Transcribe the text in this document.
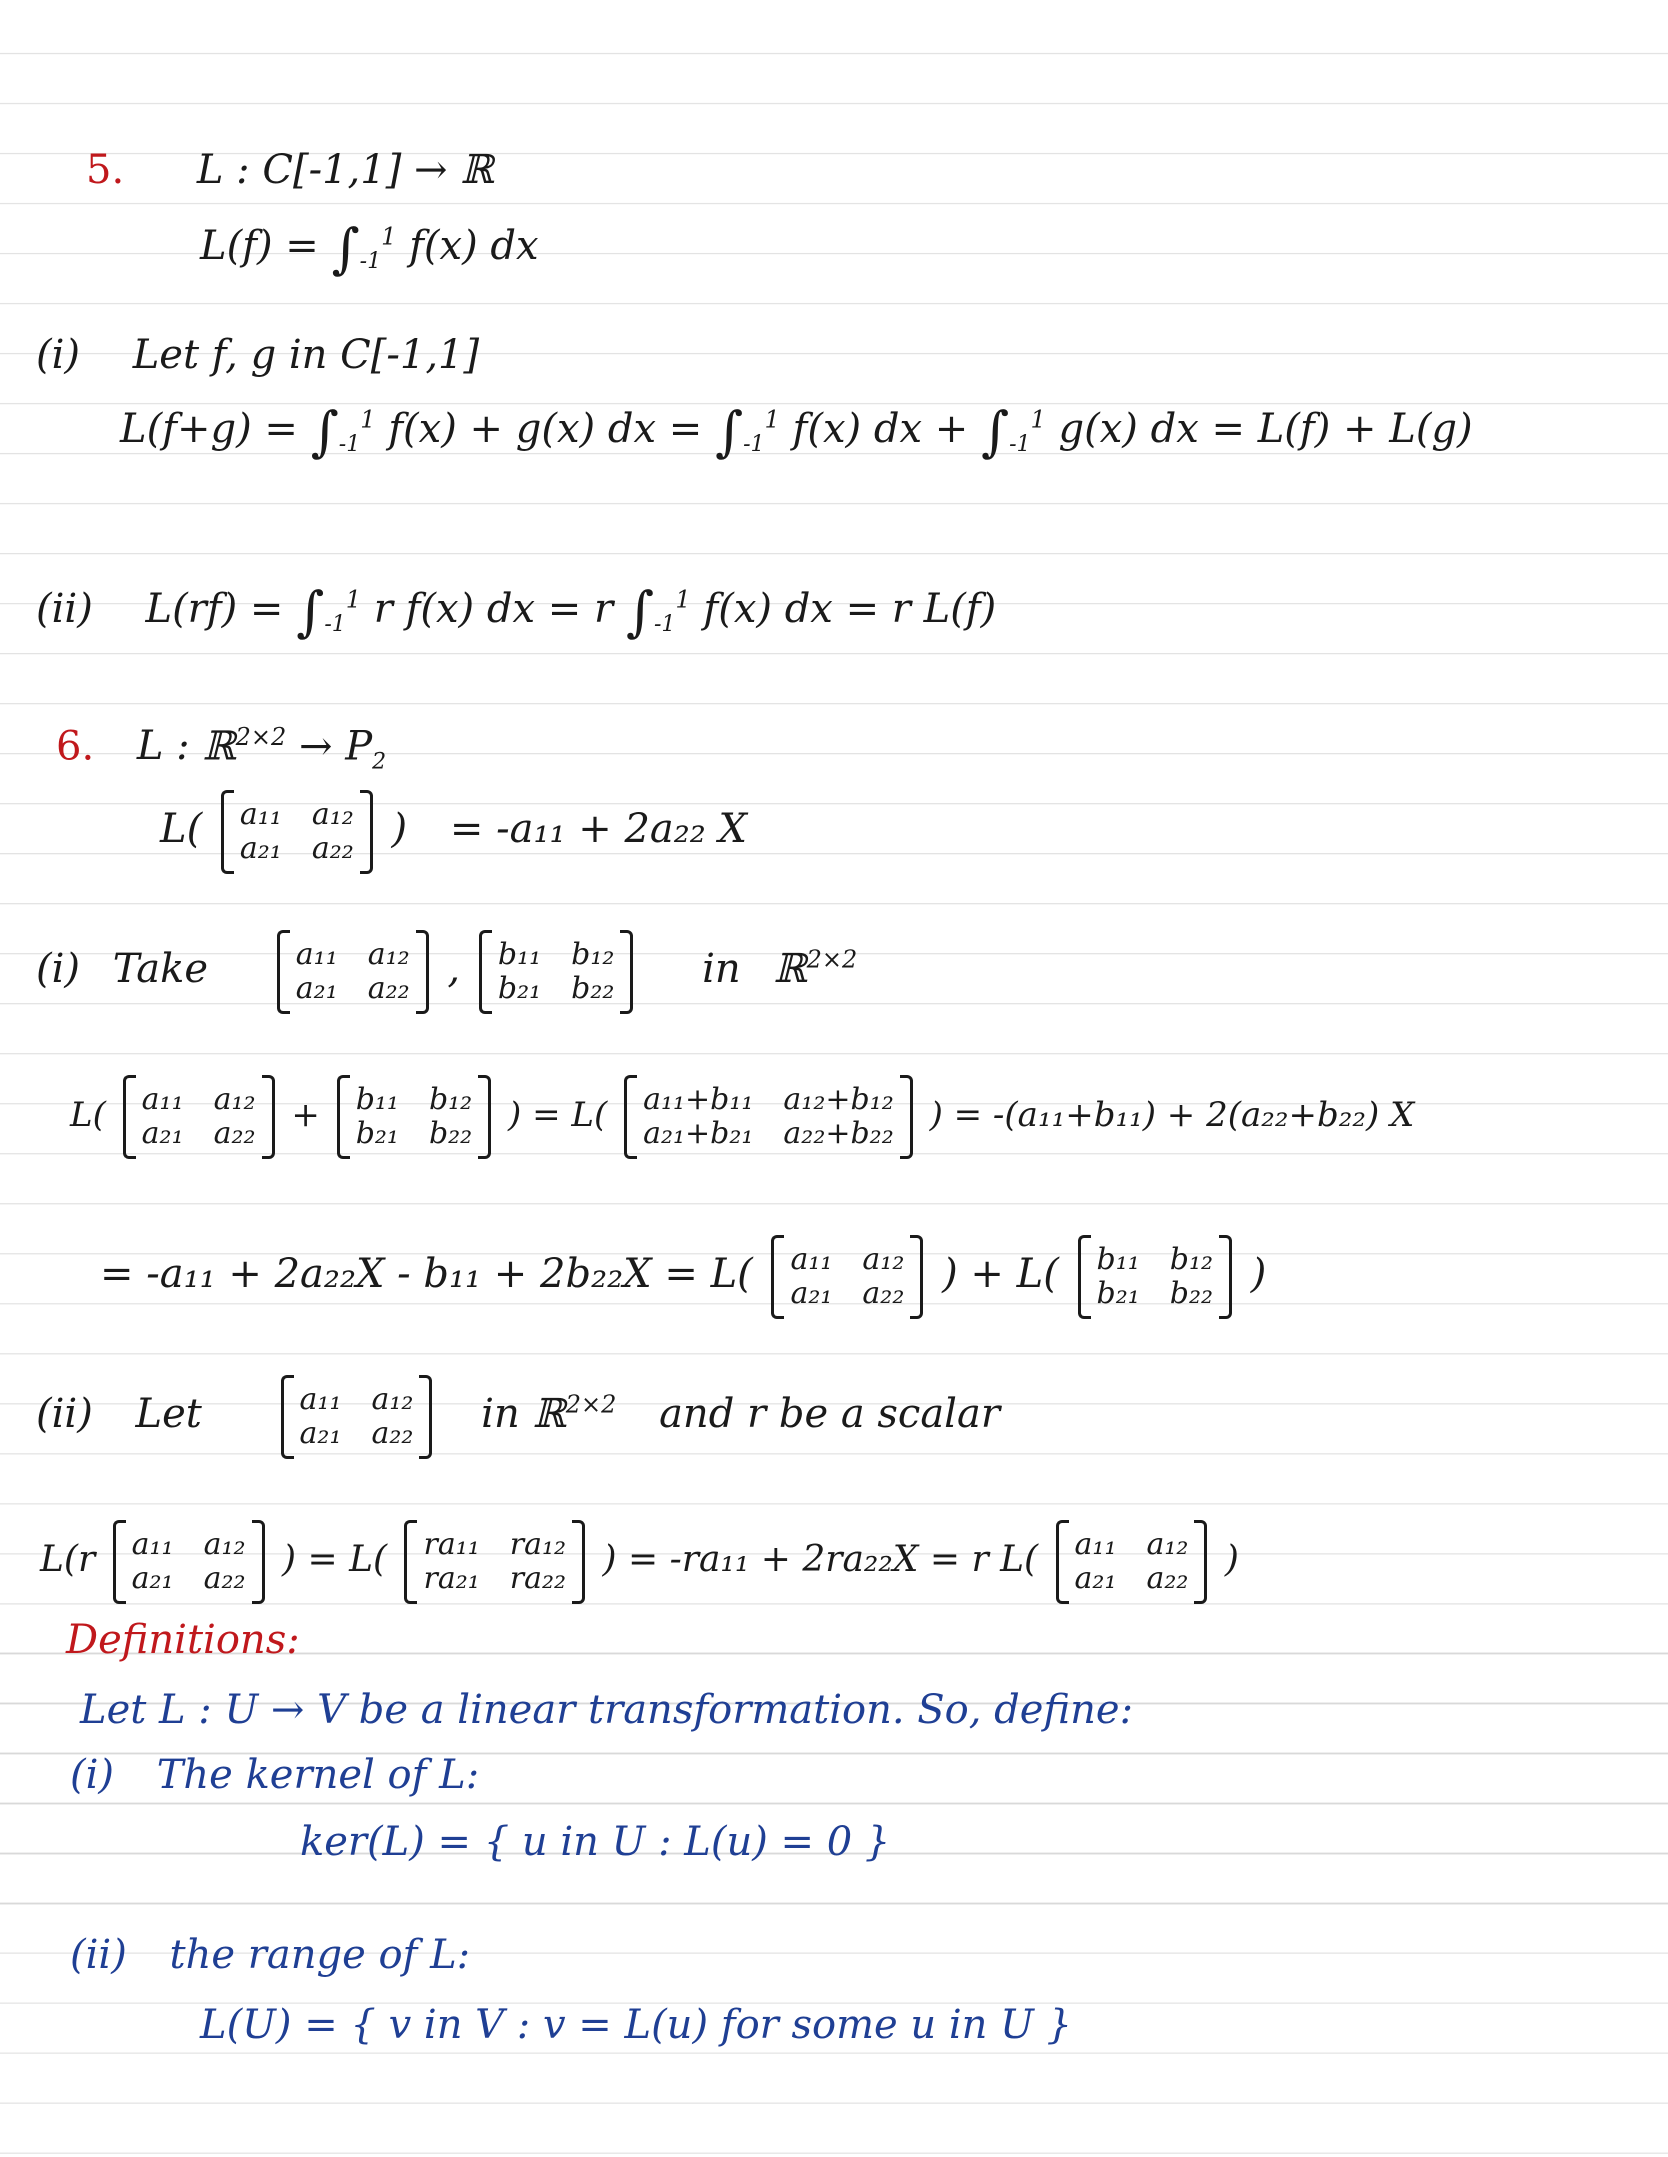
5. L : C[-1,1] → ℝ
$L(f) = \int_{-1}^1$ f(x) dx
(i) Let f, g in C[-1,1]
$L(f+g) = \int_{-1}^1$ f(x) + g(x) dx = $\int_{-1}^1$ f(x) dx + $\int_{-1}^1$ g(x) dx = L(f) + L(g)
(ii) $L(rf) = \int_{-1}^1$ r f(x) dx = r $\int_{-1}^1$ f(x) dx = r L(f)
6. L : ℝ$^{2\times 2}$ → $P_2$
L( a₁₁ a₁₂
a₂₁ a₂₂ ) = -a₁₁ + 2a₂₂ X
(i) Take	a₁₁ a₁₂
a₂₁ a₂₂ , b₁₁ b₁₂
b₂₁ b₂₂ in ℝ$^{2\times 2}$
L( a₁₁ a₁₂
a₂₁ a₂₂ + b₁₁ b₁₂
b₂₁ b₂₂ ) = L( a₁₁+b₁₁ a₁₂+b₁₂
a₂₁+b₂₁ a₂₂+b₂₂ ) = -(a₁₁+b₁₁) + 2(a₂₂+b₂₂) X
= -a₁₁ + 2a₂₂X - b₁₁ + 2b₂₂X = L( a₁₁ a₁₂
a₂₁ a₂₂ ) + L( b₁₁ b₁₂
b₂₁ b₂₂ )
(ii) Let	a₁₁ a₁₂
a₂₁ a₂₂ in ℝ$^{2\times 2}$ and r be a scalar
L(r a₁₁ a₁₂
a₂₁ a₂₂ ) = L( ra₁₁ ra₁₂
ra₂₁ ra₂₂ ) = -ra₁₁ + 2ra₂₂X = r L( a₁₁ a₁₂
a₂₁ a₂₂ )
Definitions:
Let L : U → V be a linear transformation. So, define:
(i) The kernel of L:
ker(L) = { u in U : L(u) = 0 }
(ii) the range of L:
L(U) = { v in V : v = L(u) for some u in U }
